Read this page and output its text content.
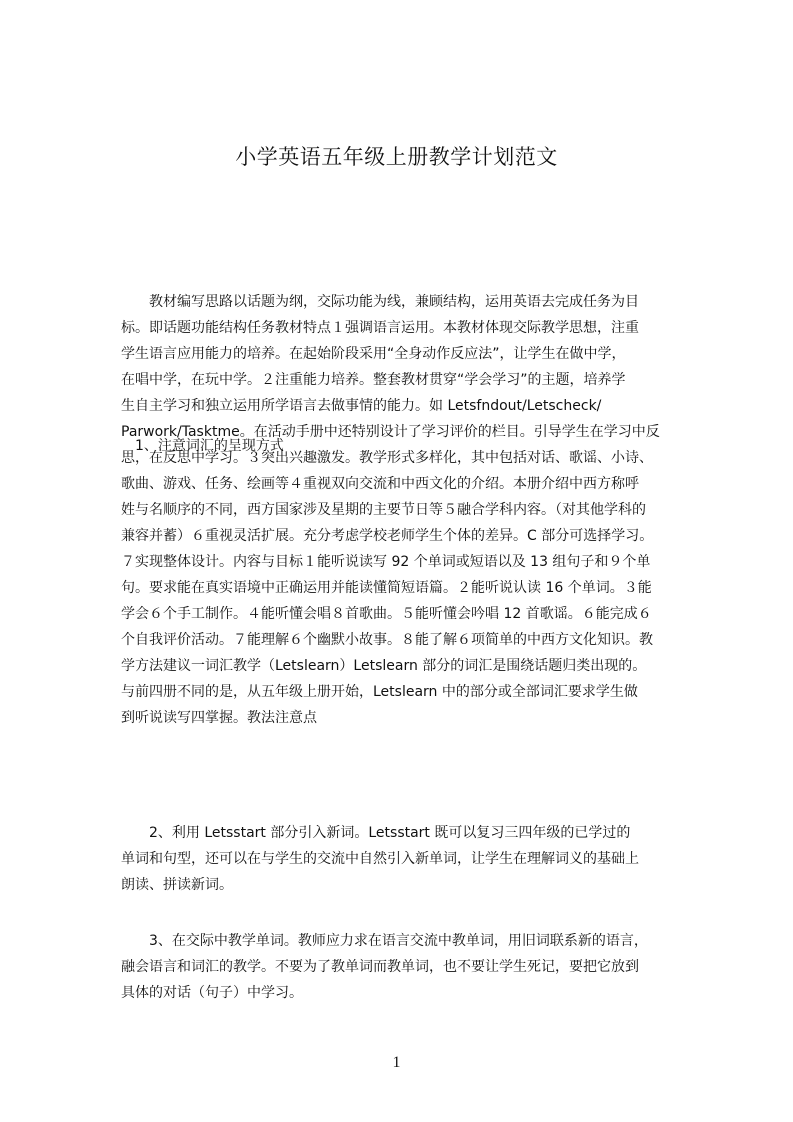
小学英语五年级上册教学计划范文
　　教材编写思路以话题为纲，交际功能为线，兼顾结构，运用英语去完成任务为目
标。即话题功能结构任务教材特点１强调语言运用。本教材体现交际教学思想，注重
学生语言应用能力的培养。在起始阶段采用“全身动作反应法”，让学生在做中学，
在唱中学，在玩中学。２注重能力培养。整套教材贯穿“学会学习”的主题，培养学
生自主学习和独立运用所学语言去做事情的能力。如 Letsfndout/Letscheck/
Parwork/Tasktme。在活动手册中还特别设计了学习评价的栏目。引导学生在学习中反
思，在反思中学习。３突出兴趣激发。教学形式多样化，其中包括对话、歌谣、小诗、
歌曲、游戏、任务、绘画等４重视双向交流和中西文化的介绍。本册介绍中西方称呼
姓与名顺序的不同，西方国家涉及星期的主要节日等５融合学科内容。（对其他学科的
兼容并蓄）６重视灵活扩展。充分考虑学校老师学生个体的差异。C 部分可选择学习。
７实现整体设计。内容与目标１能听说读写 92 个单词或短语以及 13 组句子和９个单
句。要求能在真实语境中正确运用并能读懂简短语篇。２能听说认读 16 个单词。３能
学会６个手工制作。４能听懂会唱８首歌曲。５能听懂会吟唱 12 首歌谣。６能完成６
个自我评价活动。７能理解６个幽默小故事。８能了解６项简单的中西方文化知识。教
学方法建议一词汇教学（Letslearn）Letslearn 部分的词汇是围绕话题归类出现的。
与前四册不同的是，从五年级上册开始，Letslearn 中的部分或全部词汇要求学生做
到听说读写四掌握。教法注意点
　1、注意词汇的呈现方式
　　2、利用 Letsstart 部分引入新词。Letsstart 既可以复习三四年级的已学过的
单词和句型，还可以在与学生的交流中自然引入新单词，让学生在理解词义的基础上
朗读、拼读新词。
　　3、在交际中教学单词。教师应力求在语言交流中教单词，用旧词联系新的语言，
融会语言和词汇的教学。不要为了教单词而教单词，也不要让学生死记，要把它放到
具体的对话（句子）中学习。
1
